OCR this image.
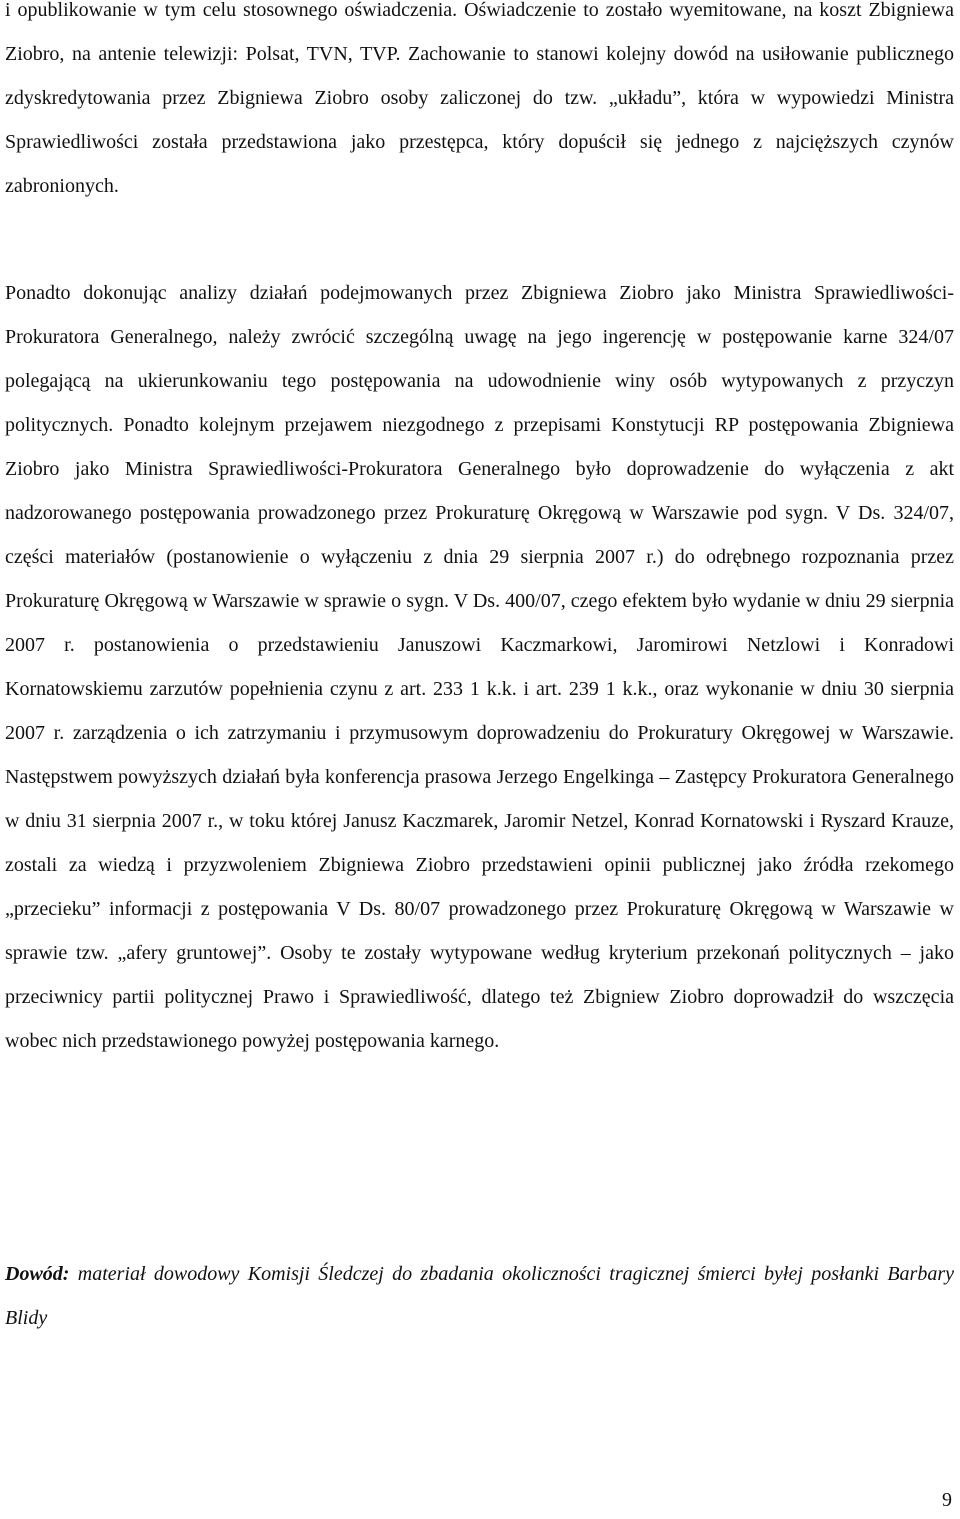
i opublikowanie w tym celu stosownego oświadczenia. Oświadczenie to zostało wyemitowane, na koszt Zbigniewa Ziobro, na antenie telewizji: Polsat, TVN, TVP. Zachowanie to stanowi kolejny dowód na usiłowanie publicznego zdyskredytowania przez Zbigniewa Ziobro osoby zaliczonej do tzw. „układu”, która w wypowiedzi Ministra Sprawiedliwości została przedstawiona jako przestępca, który dopuścił się jednego z najcięższych czynów zabronionych.

Ponadto dokonując analizy działań podejmowanych przez Zbigniewa Ziobro jako Ministra Sprawiedliwości-Prokuratora Generalnego, należy zwrócić szczególną uwagę na jego ingerencję w postępowanie karne 324/07 polegającą na ukierunkowaniu tego postępowania na udowodnienie winy osób wytypowanych z przyczyn politycznych. Ponadto kolejnym przejawem niezgodnego z przepisami Konstytucji RP postępowania Zbigniewa Ziobro jako Ministra Sprawiedliwości-Prokuratora Generalnego było doprowadzenie do wyłączenia z akt nadzorowanego postępowania prowadzonego przez Prokuraturę Okręgową w Warszawie pod sygn. V Ds. 324/07, części materiałów (postanowienie o wyłączeniu z dnia 29 sierpnia 2007 r.) do odrębnego rozpoznania przez Prokuraturę Okręgową w Warszawie w sprawie o sygn. V Ds. 400/07, czego efektem było wydanie w dniu 29 sierpnia 2007 r. postanowienia o przedstawieniu Januszowi Kaczmarkowi, Jaromirowi Netzlowi i Konradowi Kornatowskiemu zarzutów popełnienia czynu z art. 233 1 k.k. i art. 239 1 k.k., oraz wykonanie w dniu 30 sierpnia 2007 r. zarządzenia o ich zatrzymaniu i przymusowym doprowadzeniu do Prokuratury Okręgowej w Warszawie. Następstwem powyższych działań była konferencja prasowa Jerzego Engelkinga – Zastępcy Prokuratora Generalnego w dniu 31 sierpnia 2007 r., w toku której Janusz Kaczmarek, Jaromir Netzel, Konrad Kornatowski i Ryszard Krauze, zostali za wiedzą i przyzwoleniem Zbigniewa Ziobro przedstawieni opinii publicznej jako źródła rzekomego „przecieku” informacji z postępowania V Ds. 80/07 prowadzonego przez Prokuraturę Okręgową w Warszawie w sprawie tzw. „afery gruntowej”. Osoby te zostały wytypowane według kryterium przekonań politycznych – jako przeciwnicy partii politycznej Prawo i Sprawiedliwość, dlatego też Zbigniew Ziobro doprowadził do wszczęcia wobec nich przedstawionego powyżej postępowania karnego.

Dowód: materiał dowodowy Komisji Śledczej do zbadania okoliczności tragicznej śmierci byłej posłanki Barbary Blidy

9
